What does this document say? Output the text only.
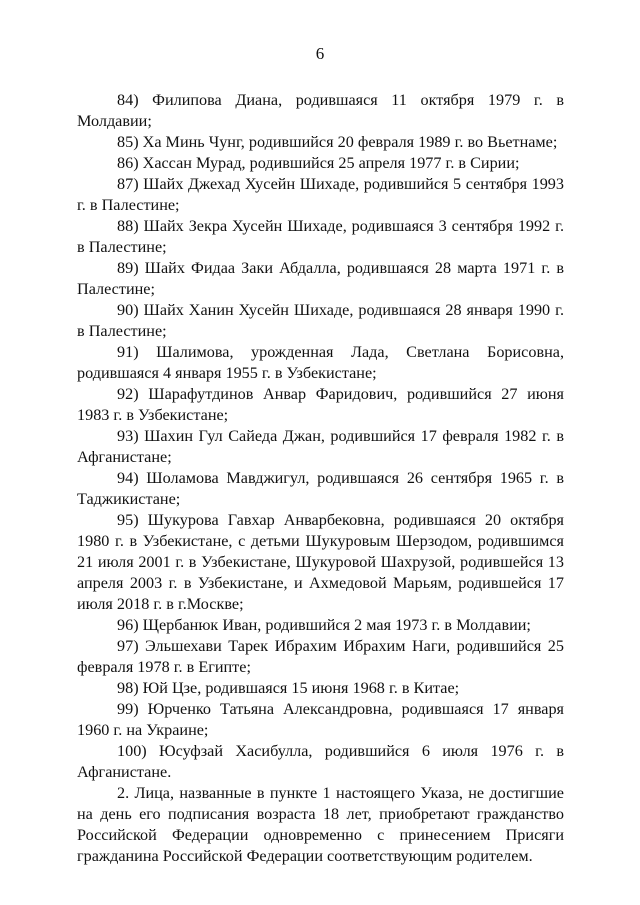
6

84) Филипова Диана, родившаяся 11 октября 1979 г. в Молдавии;

85) Ха Минь Чунг, родившийся 20 февраля 1989 г. во Вьетнаме;

86) Хассан Мурад, родившийся 25 апреля 1977 г. в Сирии;

87) Шайх Джехад Хусейн Шихаде, родившийся 5 сентября 1993 г. в Палестине;

88) Шайх Зекра Хусейн Шихаде, родившаяся 3 сентября 1992 г. в Палестине;

89) Шайх Фидаа Заки Абдалла, родившаяся 28 марта 1971 г. в Палестине;

90) Шайх Ханин Хусейн Шихаде, родившаяся 28 января 1990 г. в Палестине;

91) Шалимова, урожденная Лада, Светлана Борисовна, родившаяся 4 января 1955 г. в Узбекистане;

92) Шарафутдинов Анвар Фаридович, родившийся 27 июня 1983 г. в Узбекистане;

93) Шахин Гул Сайеда Джан, родившийся 17 февраля 1982 г. в Афганистане;

94) Шоламова Мавджигул, родившаяся 26 сентября 1965 г. в Таджикистане;

95) Шукурова Гавхар Анварбековна, родившаяся 20 октября 1980 г. в Узбекистане, с детьми Шукуровым Шерзодом, родившимся 21 июля 2001 г. в Узбекистане, Шукуровой Шахрузой, родившейся 13 апреля 2003 г. в Узбекистане, и Ахмедовой Марьям, родившейся 17 июля 2018 г. в г.Москве;

96) Щербанюк Иван, родившийся 2 мая 1973 г. в Молдавии;

97) Эльшехави Тарек Ибрахим Ибрахим Наги, родившийся 25 февраля 1978 г. в Египте;

98) Юй Цзе, родившаяся 15 июня 1968 г. в Китае;

99) Юрченко Татьяна Александровна, родившаяся 17 января 1960 г. на Украине;

100) Юсуфзай Хасибулла, родившийся 6 июля 1976 г. в Афганистане.

2. Лица, названные в пункте 1 настоящего Указа, не достигшие на день его подписания возраста 18 лет, приобретают гражданство Российской Федерации одновременно с принесением Присяги гражданина Российской Федерации соответствующим родителем.
